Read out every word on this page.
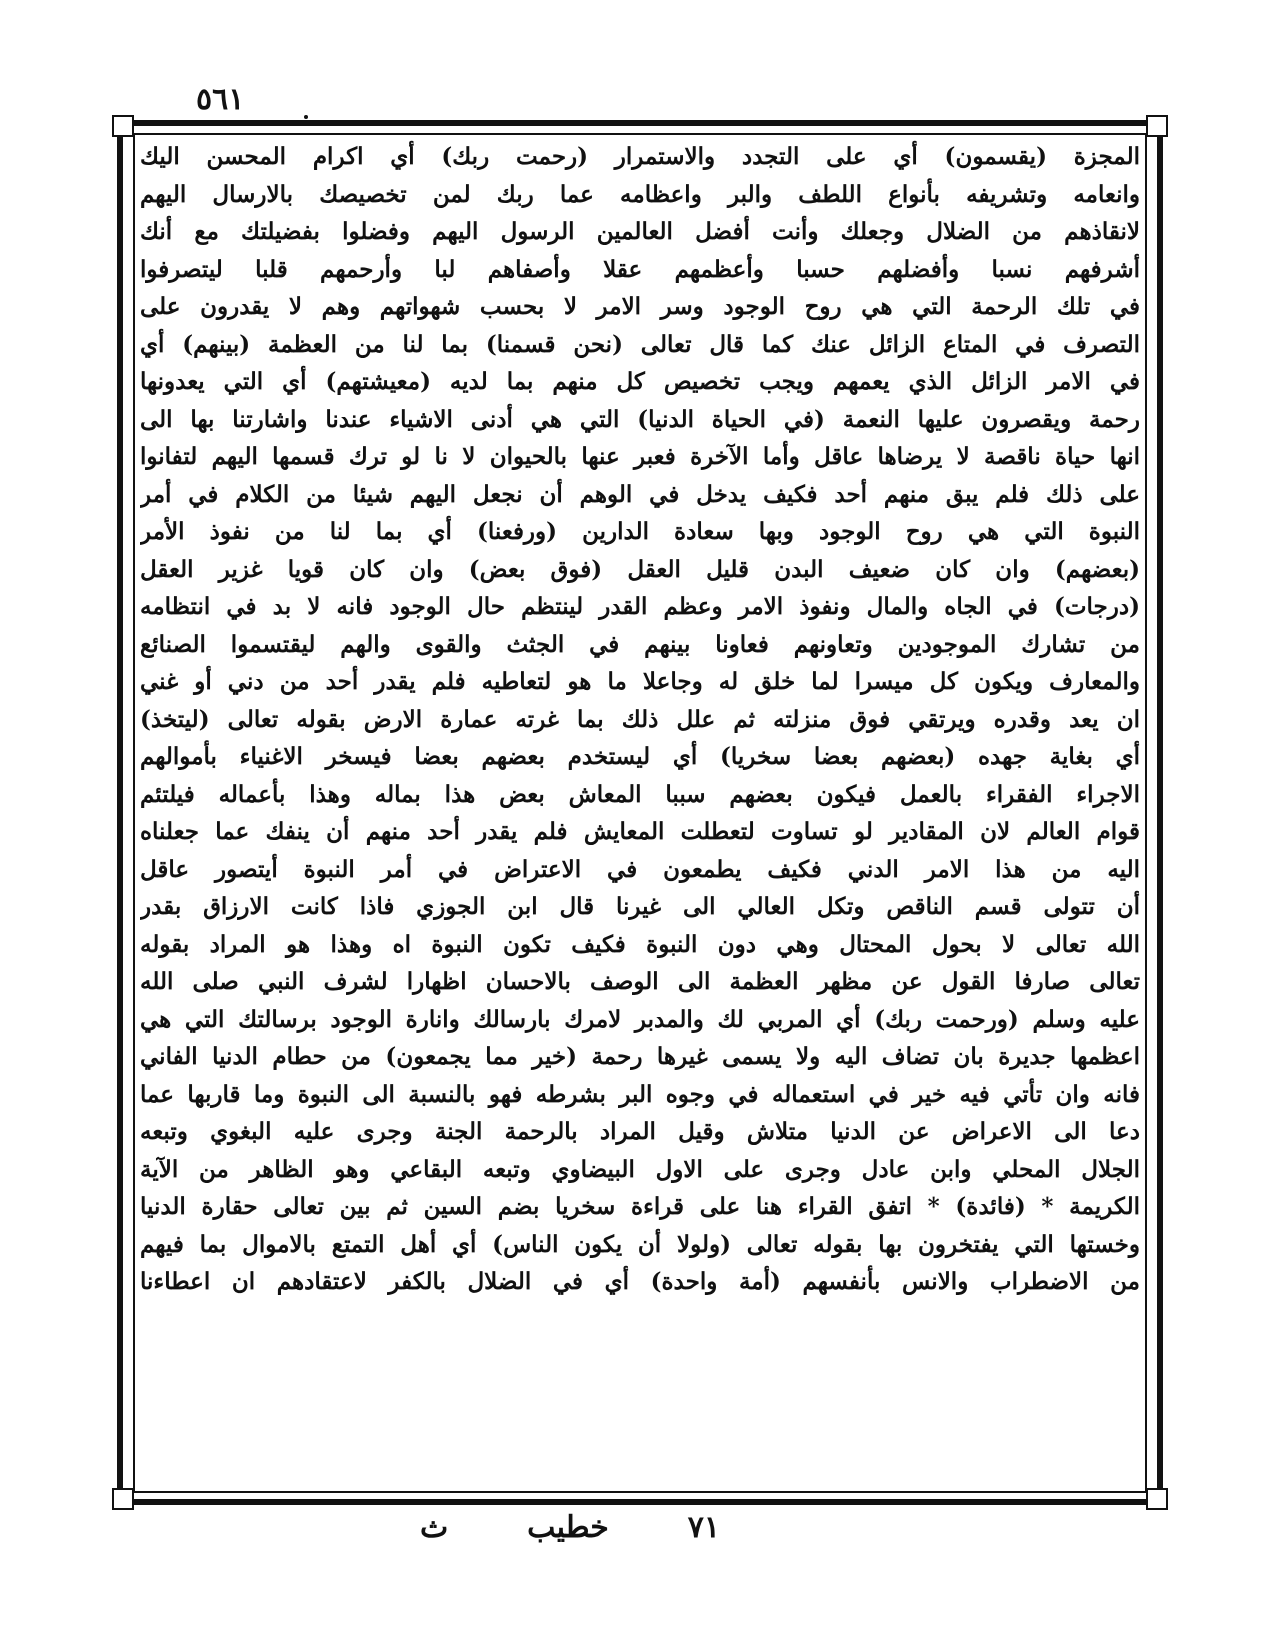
٥٦١
المجزة (يقسمون) أي على التجدد والاستمرار (رحمت ربك) أي اكرام المحسن اليك
وانعامه وتشريفه بأنواع اللطف والبر واعظامه عما ربك لمن تخصيصك بالارسال اليهم
لانقاذهم من الضلال وجعلك وأنت أفضل العالمين الرسول اليهم وفضلوا بفضيلتك مع أنك
أشرفهم نسبا وأفضلهم حسبا وأعظمهم عقلا وأصفاهم لبا وأرحمهم قلبا ليتصرفوا
في تلك الرحمة التي هي روح الوجود وسر الامر لا بحسب شهواتهم وهم لا يقدرون على
التصرف في المتاع الزائل عنك كما قال تعالى (نحن قسمنا) بما لنا من العظمة (بينهم) أي
في الامر الزائل الذي يعمهم ويجب تخصيص كل منهم بما لديه (معيشتهم) أي التي يعدونها
رحمة ويقصرون عليها النعمة (في الحياة الدنيا) التي هي أدنى الاشياء عندنا واشارتنا بها الى
انها حياة ناقصة لا يرضاها عاقل وأما الآخرة فعبر عنها بالحيوان لا نا لو ترك قسمها اليهم لتفانوا
على ذلك فلم يبق منهم أحد فكيف يدخل في الوهم أن نجعل اليهم شيئا من الكلام في أمر
النبوة التي هي روح الوجود وبها سعادة الدارين (ورفعنا) أي بما لنا من نفوذ الأمر
(بعضهم) وان كان ضعيف البدن قليل العقل (فوق بعض) وان كان قويا غزير العقل
(درجات) في الجاه والمال ونفوذ الامر وعظم القدر لينتظم حال الوجود فانه لا بد في انتظامه
من تشارك الموجودين وتعاونهم فعاونا بينهم في الجثث والقوى والهم ليقتسموا الصنائع
والمعارف ويكون كل ميسرا لما خلق له وجاعلا ما هو لتعاطيه فلم يقدر أحد من دني أو غني
ان يعد وقدره ويرتقي فوق منزلته ثم علل ذلك بما غرته عمارة الارض بقوله تعالى (ليتخذ)
أي بغاية جهده (بعضهم بعضا سخريا) أي ليستخدم بعضهم بعضا فيسخر الاغنياء بأموالهم
الاجراء الفقراء بالعمل فيكون بعضهم سببا المعاش بعض هذا بماله وهذا بأعماله فيلتئم
قوام العالم لان المقادير لو تساوت لتعطلت المعايش فلم يقدر أحد منهم أن ينفك عما جعلناه
اليه من هذا الامر الدني فكيف يطمعون في الاعتراض في أمر النبوة أيتصور عاقل
أن تتولى قسم الناقص وتكل العالي الى غيرنا قال ابن الجوزي فاذا كانت الارزاق بقدر
الله تعالى لا بحول المحتال وهي دون النبوة فكيف تكون النبوة اه وهذا هو المراد بقوله
تعالى صارفا القول عن مظهر العظمة الى الوصف بالاحسان اظهارا لشرف النبي صلى الله
عليه وسلم (ورحمت ربك) أي المربي لك والمدبر لامرك بارسالك وانارة الوجود برسالتك التي هي
اعظمها جديرة بان تضاف اليه ولا يسمى غيرها رحمة (خير مما يجمعون) من حطام الدنيا الفاني
فانه وان تأتي فيه خير في استعماله في وجوه البر بشرطه فهو بالنسبة الى النبوة وما قاربها عما
دعا الى الاعراض عن الدنيا متلاش وقيل المراد بالرحمة الجنة وجرى عليه البغوي وتبعه
الجلال المحلي وابن عادل وجرى على الاول البيضاوي وتبعه البقاعي وهو الظاهر من الآية
الكريمة * (فائدة) * اتفق القراء هنا على قراءة سخريا بضم السين ثم بين تعالى حقارة الدنيا
وخستها التي يفتخرون بها بقوله تعالى (ولولا أن يكون الناس) أي أهل التمتع بالاموال بما فيهم
من الاضطراب والانس بأنفسهم (أمة واحدة) أي في الضلال بالكفر لاعتقادهم ان اعطاءنا
٧١
خطيب
ث
